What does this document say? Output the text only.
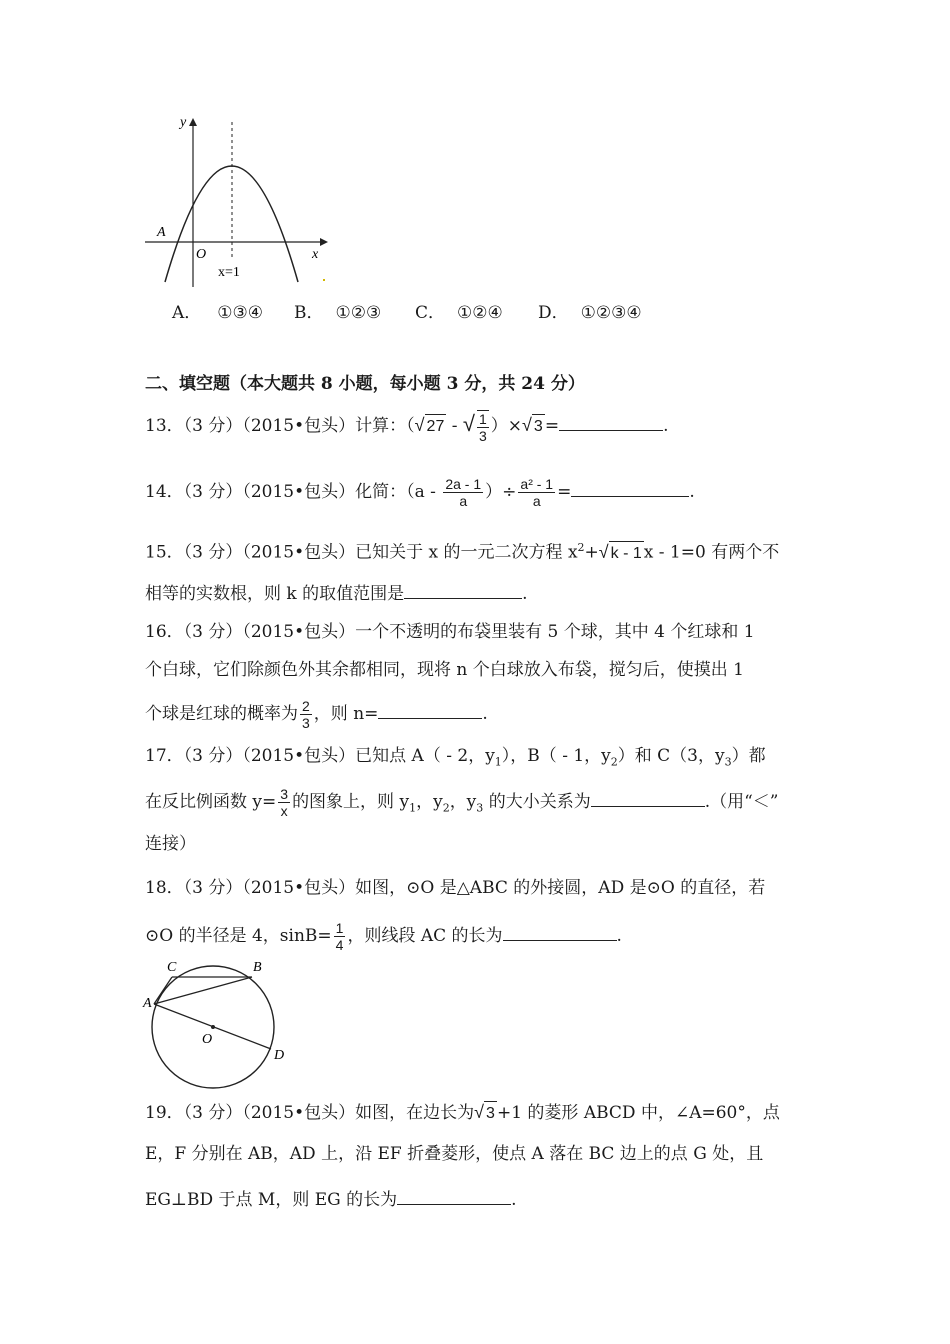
y
x
O
A
x=1
A． ①③④ B． ①②③ C． ①②④ D． ①②③④
二、填空题（本大题共 8 小题，每小题 3 分，共 24 分）
13．（3 分）（2015•包头）计算：（√ 27 - √ $\frac{1}{3}$ ）×√ 3 =	.
14．（3 分）（2015•包头）化简：（$a - \frac{2a - 1}{a}$ ）÷ $\frac{\text{a² - 1}}{a}$ =	.
15．（3 分）（2015•包头）已知关于 x 的一元二次方程 $x^2+√$ k - 1 x - 1=0 有两个不
相等的实数根，则 k 的取值范围是	.
16．（3 分）（2015•包头）一个不透明的布袋里装有 5 个球，其中 4 个红球和 1
个白球，它们除颜色外其余都相同，现将 n 个白球放入布袋，搅匀后，使摸出 1
个球是红球的概率为 $\frac{2}{3}$ ，则 n=	.
17．（3 分）（2015•包头）已知点 A（ - 2，$y_1$），B（ - 1，$y_2$）和 C（3，$y_3$）都
在反比例函数 $y= \frac{3}{x}$ 的图象上，则 $y_1$，$y_2$，$y_3$ 的大小关系为	.（用“＜”
连接）
18．（3 分）（2015•包头）如图，⊙O 是△ABC 的外接圆，AD 是⊙O 的直径，若
⊙O 的半径是 4，$\sin B= \frac{1}{4}$ ，则线段 AC 的长为	.
C	B
A
O
D
19．（3 分）（2015•包头）如图，在边长为√ 3 +1 的菱形 ABCD 中，∠A=60°，点
E，F 分别在 AB，AD 上，沿 EF 折叠菱形，使点 A 落在 BC 边上的点 G 处，且
EG⊥BD 于点 M，则 EG 的长为	.
